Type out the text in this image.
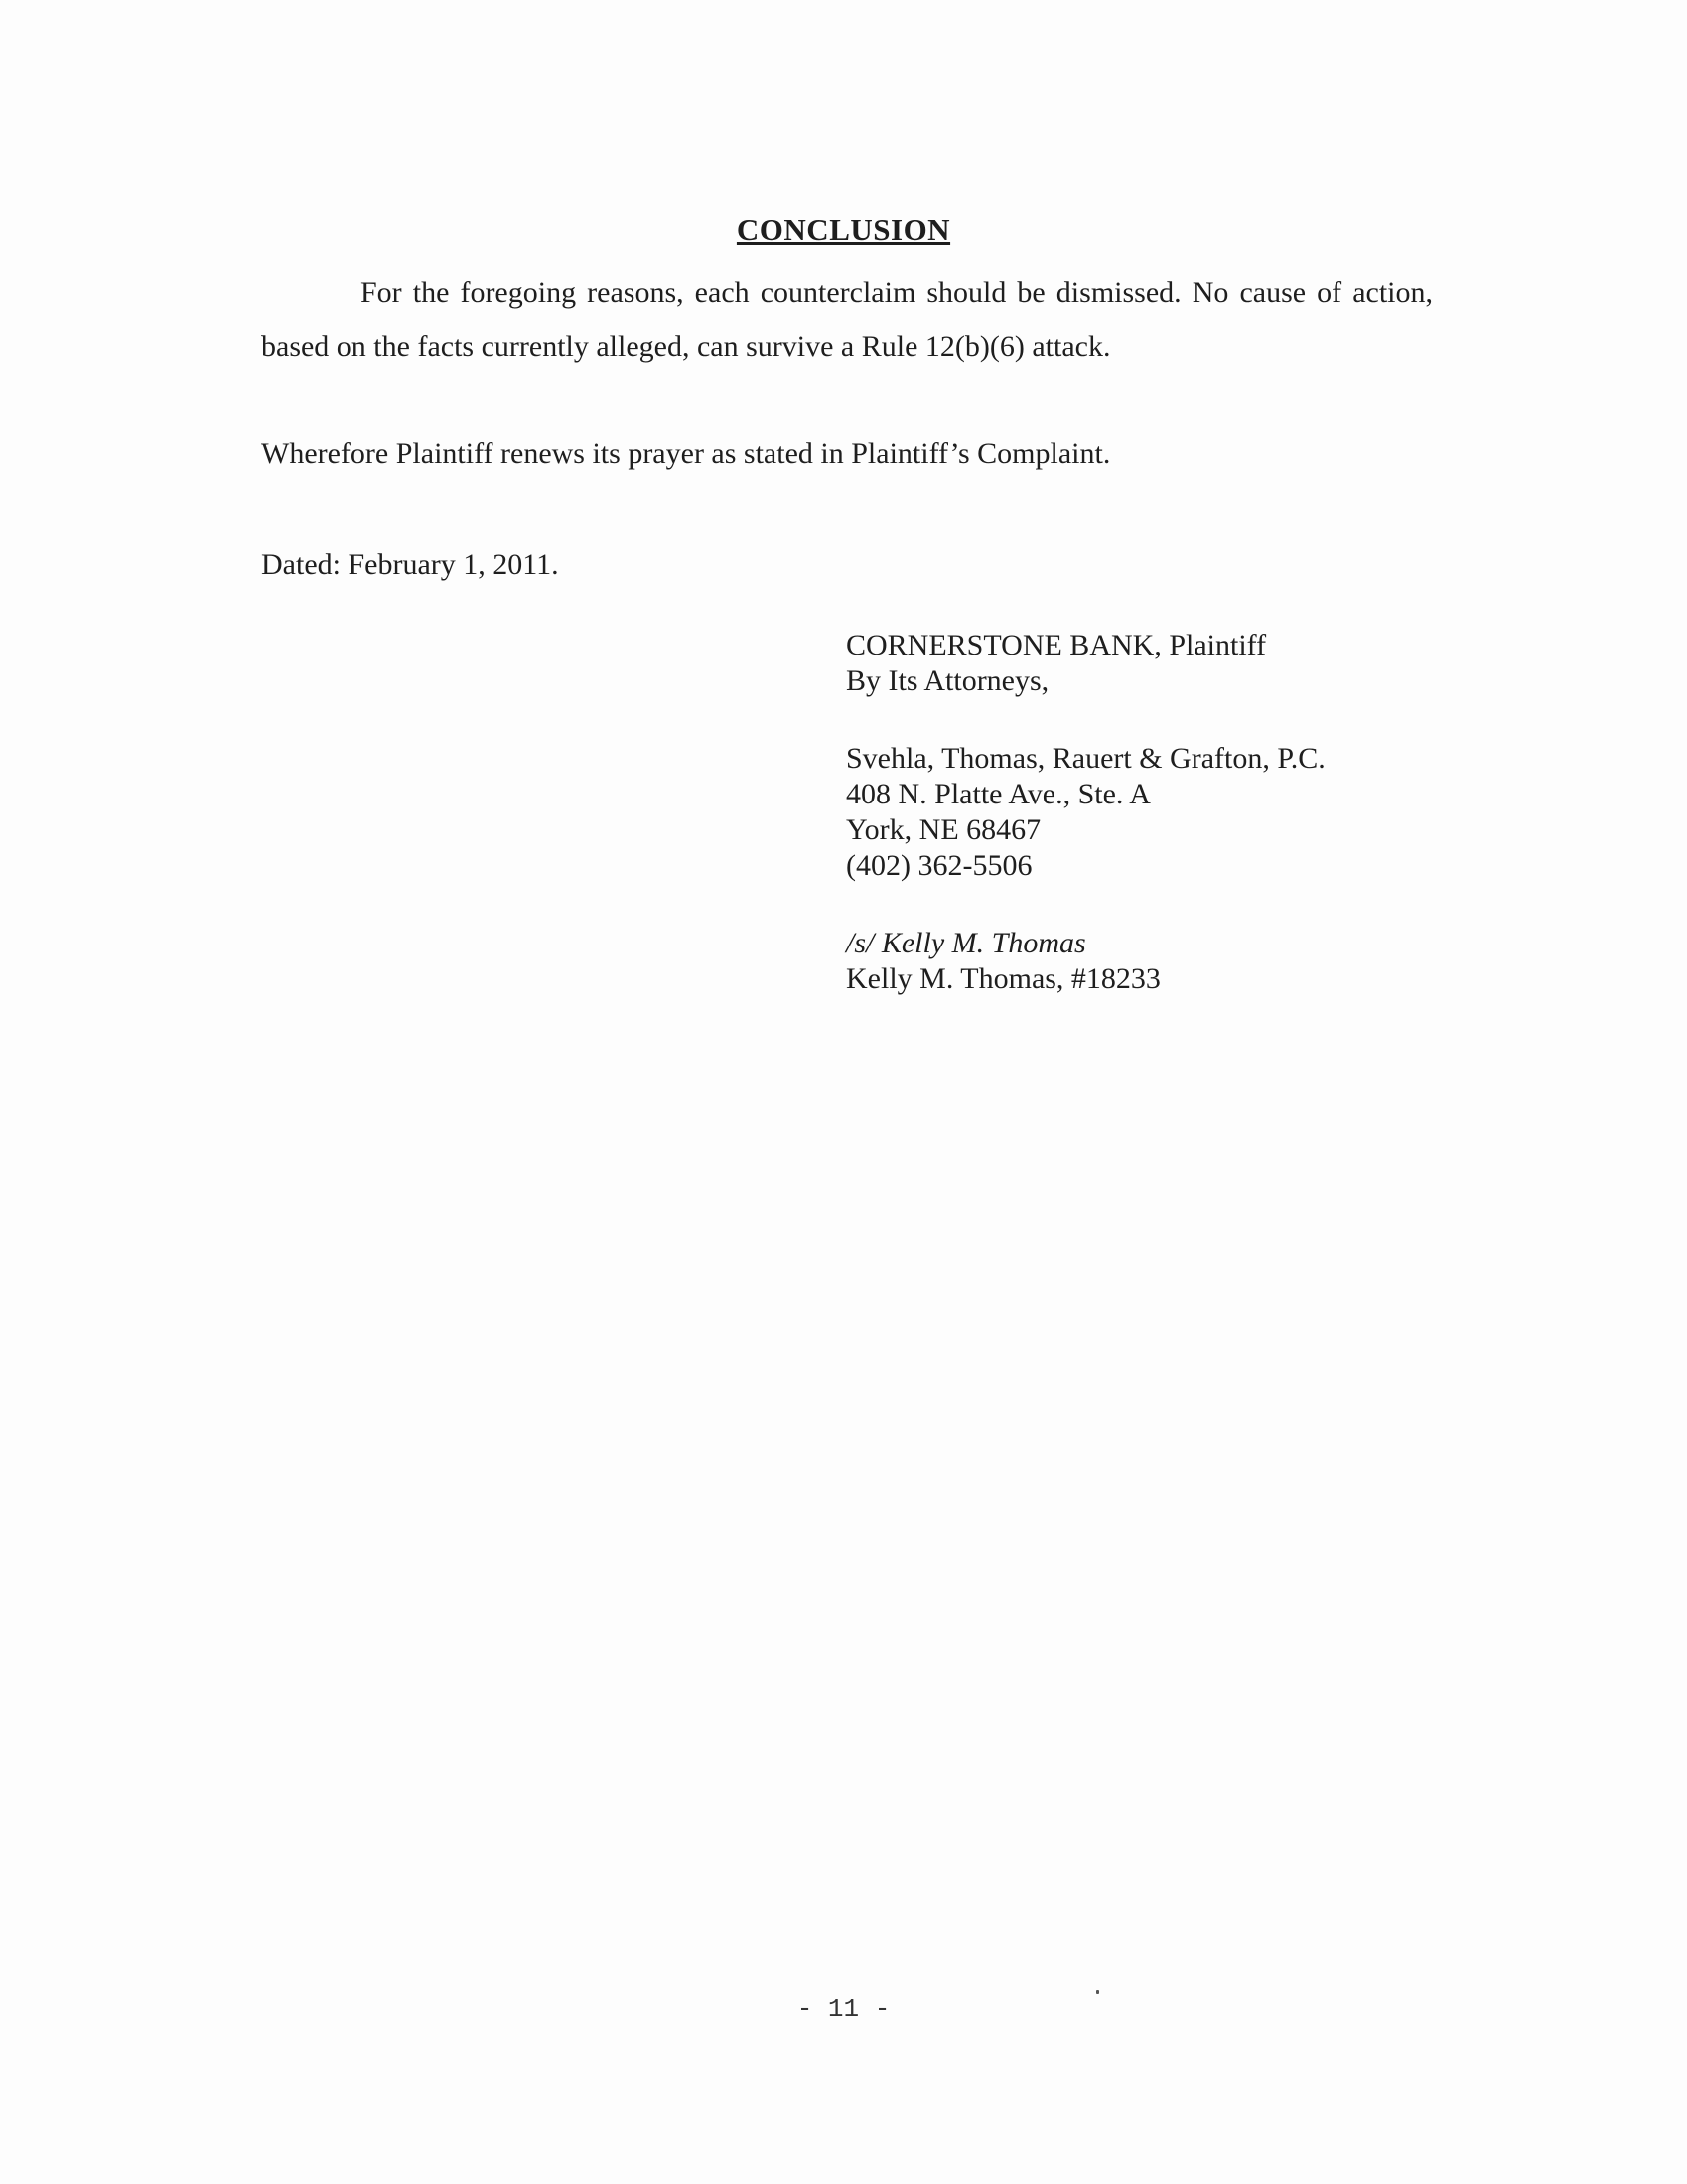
CONCLUSION
For the foregoing reasons, each counterclaim should be dismissed. No cause of action, based on the facts currently alleged, can survive a Rule 12(b)(6) attack.
Wherefore Plaintiff renews its prayer as stated in Plaintiff’s Complaint.
Dated: February 1, 2011.
CORNERSTONE BANK, Plaintiff
By Its Attorneys,
Svehla, Thomas, Rauert & Grafton, P.C.
408 N. Platte Ave., Ste. A
York, NE 68467
(402) 362-5506
/s/ Kelly M. Thomas
Kelly M. Thomas, #18233
- 11 -
